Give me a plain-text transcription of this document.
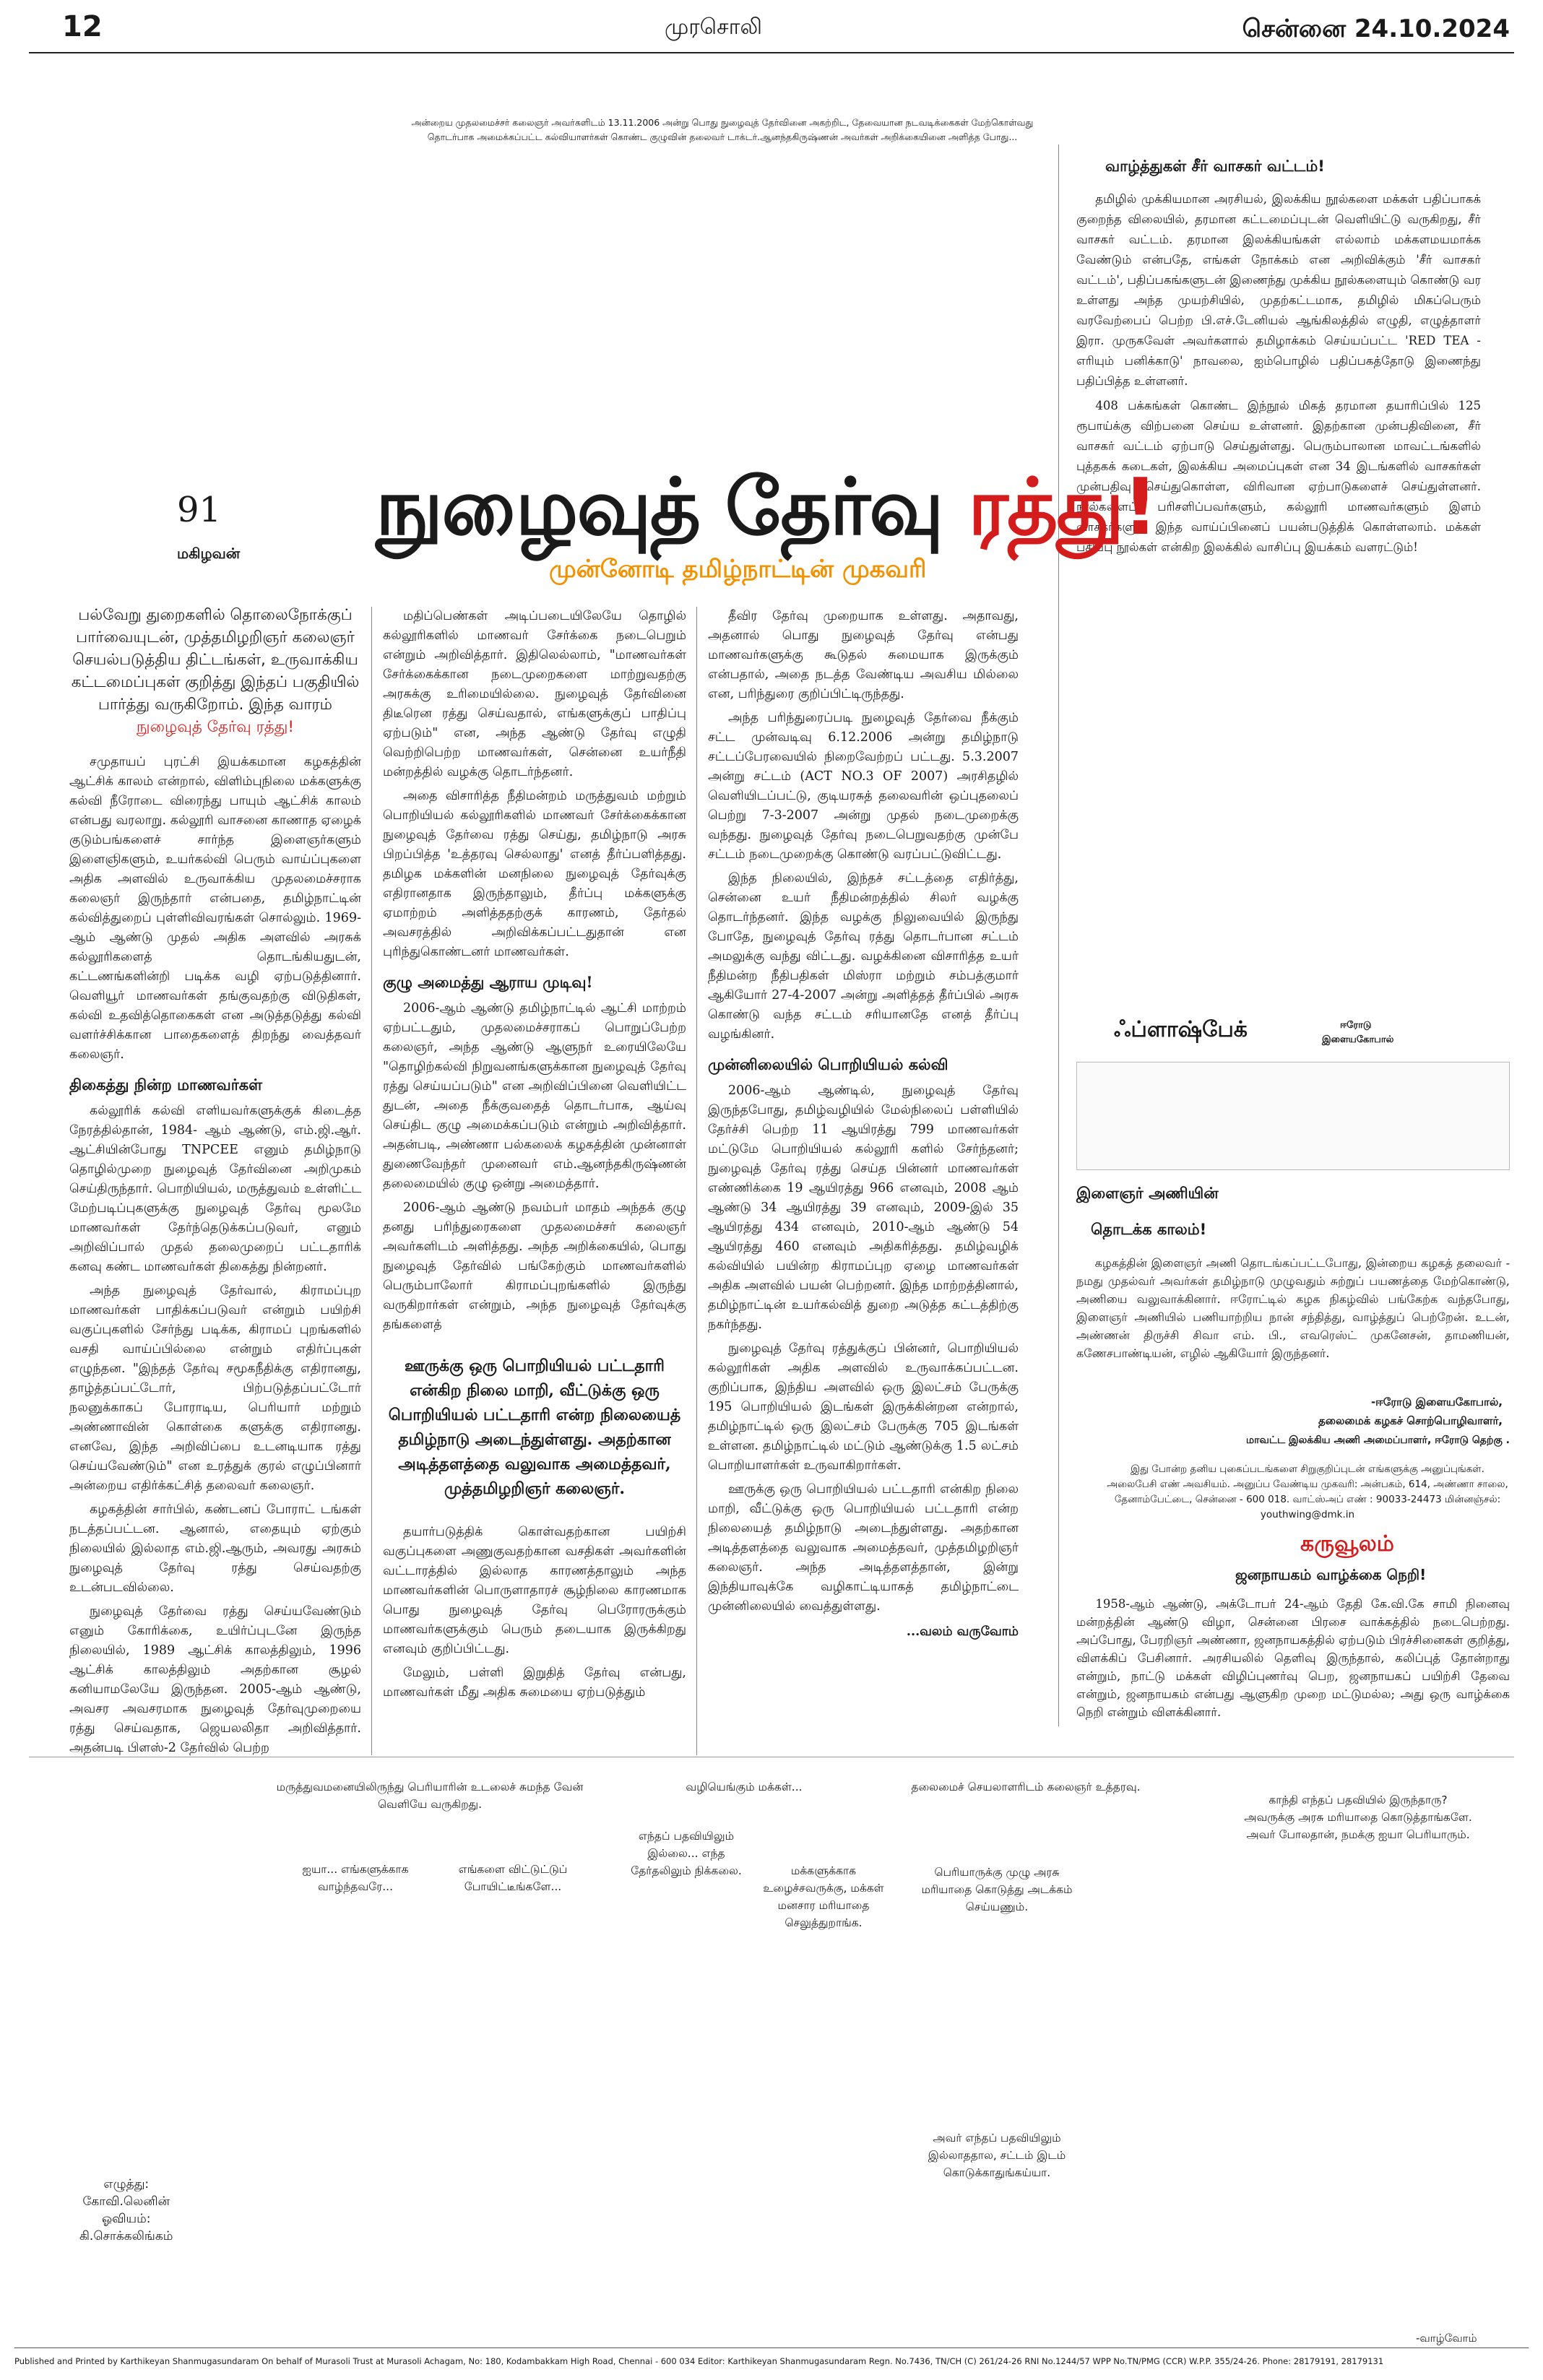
12	முரசொலி	சென்னை 24.10.2024
அன்றைய முதலமைச்சர் கலைஞர் அவர்களிடம் 13.11.2006 அன்று பொது நுழைவுத் தேர்வினை அகற்றிட, தேவையான நடவடிக்கைகள் மேற்கொள்வது தொடர்பாக அமைக்கப்பட்ட கல்வியாளர்கள் கொண்ட குழுவின் தலைவர் டாக்டர்.ஆனந்தகிருஷ்ணன் அவர்கள் அறிக்கையினை அளித்த போது...
வாழ்த்துகள் சீர் வாசகர் வட்டம்!

தமிழில் முக்கியமான அரசியல், இலக்கிய நூல்களை மக்கள் பதிப்பாகக் குறைந்த விலையில், தரமான கட்டமைப்புடன் வெளியிட்டு வருகிறது, சீர் வாசகர் வட்டம். தரமான இலக்கியங்கள் எல்லாம் மக்களமயமாக்க வேண்டும் என்பதே, எங்கள் நோக்கம் என அறிவிக்கும் 'சீர் வாசகர் வட்டம்', பதிப்பகங்களுடன் இணைந்து முக்கிய நூல்களையும் கொண்டு வர உள்ளது அந்த முயற்சியில், முதற்கட்டமாக, தமிழில் மிகப்பெரும் வரவேற்பைப் பெற்ற பி.எச்.டேனியல் ஆங்கிலத்தில் எழுதி, எழுத்தாளர் இரா. முருகவேள் அவர்களால் தமிழாக்கம் செய்யப்பட்ட 'RED TEA - எரியும் பனிக்காடு' நாவலை, ஐம்பொழில் பதிப்பகத்தோடு இணைந்து பதிப்பித்த உள்ளனர்.

408 பக்கங்கள் கொண்ட இந்நூல் மிகத் தரமான தயாரிப்பில் 125 ரூபாய்க்கு விற்பனை செய்ய உள்ளனர். இதற்கான முன்பதிவினை, சீர் வாசகர் வட்டம் ஏற்பாடு செய்துள்ளது. பெரும்பாலான மாவட்டங்களில் புத்தகக் கடைகள், இலக்கிய அமைப்புகள் என 34 இடங்களில் வாசகர்கள் முன்பதிவு செய்துகொள்ள, விரிவான ஏற்பாடுகளைச் செய்துள்ளனர். நூல்களைப் பரிசளிப்பவர்களும், கல்லூரி மாணவர்களும் இளம் வாசகர்களும் இந்த வாய்ப்பினைப் பயன்படுத்திக் கொள்ளலாம். மக்கள் பதிப்பு நூல்கள் என்கிற இலக்கில் வாசிப்பு இயக்கம் வளரட்டும்!

91
மகிழவன்
நுழைவுத் தேர்வு ரத்து!
முன்னோடி தமிழ்நாட்டின் முகவரி
பல்வேறு துறைகளில் தொலைநோக்குப் பார்வையுடன், முத்தமிழறிஞர் கலைஞர் செயல்படுத்திய திட்டங்கள், உருவாக்கிய கட்டமைப்புகள் குறித்து இந்தப் பகுதியில் பார்த்து வருகிறோம். இந்த வாரம்
நுழைவுத் தேர்வு ரத்து!

சமுதாயப் புரட்சி இயக்கமான கழகத்தின் ஆட்சிக் காலம் என்றால், விளிம்புநிலை மக்களுக்கு கல்வி நீரோடை விரைந்து பாயும் ஆட்சிக் காலம் என்பது வரலாறு. கல்லூரி வாசனை காணாத ஏழைக் குடும்பங்களைச் சார்ந்த இளைஞர்களும் இளைஞிகளும், உயர்கல்வி பெரும் வாய்ப்புகளை அதிக அளவில் உருவாக்கிய முதலமைச்சராக கலைஞர் இருந்தார் என்பதை, தமிழ்நாட்டின் கல்வித்துறைப் புள்ளிவிவரங்கள் சொல்லும். 1969-ஆம் ஆண்டு முதல் அதிக அளவில் அரசுக் கல்லூரிகளைத் தொடங்கியதுடன், கட்டணங்களின்றி படிக்க வழி ஏற்படுத்தினார். வெளியூர் மாணவர்கள் தங்குவதற்கு விடுதிகள், கல்வி உதவித்தொகைகள் என அடுத்தடுத்து கல்வி வளர்ச்சிக்கான பாதைகளைத் திறந்து வைத்தவர் கலைஞர்.

திகைத்து நின்ற மாணவர்கள்

கல்லூரிக் கல்வி எளியவர்களுக்குக் கிடைத்த நேரத்தில்தான், 1984- ஆம் ஆண்டு, எம்.ஜி.ஆர். ஆட்சியின்போது TNPCEE எனும் தமிழ்நாடு தொழில்முறை நுழைவுத் தேர்வினை அறிமுகம் செய்திருந்தார். பொறியியல், மருத்துவம் உள்ளிட்ட மேற்படிப்புகளுக்கு நுழைவுத் தேர்வு மூலமே மாணவர்கள் தேர்ந்தெடுக்கப்படுவர், எனும் அறிவிப்பால் முதல் தலைமுறைப் பட்டதாரிக் கனவு கண்ட மாணவர்கள் திகைத்து நின்றனர்.

அந்த நுழைவுத் தேர்வால், கிராமப்புற மாணவர்கள் பாதிக்கப்படுவர் என்றும் பயிற்சி வகுப்புகளில் சேர்ந்து படிக்க, கிராமப் புறங்களில் வசதி வாய்ப்பில்லை என்றும் எதிர்ப்புகள் எழுந்தன. "இந்தத் தேர்வு சமூகநீதிக்கு எதிரானது, தாழ்த்தப்பட்டோர், பிற்படுத்தப்பட்டோர் நலனுக்காகப் போராடிய, பெரியார் மற்றும் அண்ணாவின் கொள்கை களுக்கு எதிரானது. எனவே, இந்த அறிவிப்பை உடனடியாக ரத்து செய்யவேண்டும்" என உரத்துக் குரல் எழுப்பினார் அன்றைய எதிர்க்கட்சித் தலைவர் கலைஞர்.

கழகத்தின் சார்பில், கண்டனப் போராட் டங்கள் நடத்தப்பட்டன. ஆனால், எதையும் ஏற்கும் நிலையில் இல்லாத எம்.ஜி.ஆரும், அவரது அரசும் நுழைவுத் தேர்வு ரத்து செய்வதற்கு உடன்படவில்லை.

நுழைவுத் தேர்வை ரத்து செய்யவேண்டும் எனும் கோரிக்கை, உயிர்ப்புடனே இருந்த நிலையில், 1989 ஆட்சிக் காலத்திலும், 1996 ஆட்சிக் காலத்திலும் அதற்கான சூழல் கனியாமலேயே இருந்தன. 2005-ஆம் ஆண்டு, அவசர அவசரமாக நுழைவுத் தேர்வுமுறையை ரத்து செய்வதாக, ஜெயலலிதா அறிவித்தார். அதன்படி பிளஸ்-2 தேர்வில் பெற்ற

மதிப்பெண்கள் அடிப்படையிலேயே தொழில் கல்லூரிகளில் மாணவர் சேர்க்கை நடைபெறும் என்றும் அறிவித்தார். இதிலெல்லாம், "மாணவர்கள் சேர்க்கைக்கான நடைமுறைகளை மாற்றுவதற்கு அரசுக்கு உரிமையில்லை. நுழைவுத் தேர்வினை திடீரென ரத்து செய்வதால், எங்களுக்குப் பாதிப்பு ஏற்படும்" என, அந்த ஆண்டு தேர்வு எழுதி வெற்றிபெற்ற மாணவர்கள், சென்னை உயர்நீதி மன்றத்தில் வழக்கு தொடர்ந்தனர்.

அதை விசாரித்த நீதிமன்றம் மருத்துவம் மற்றும் பொறியியல் கல்லூரிகளில் மாணவர் சேர்க்கைக்கான நுழைவுத் தேர்வை ரத்து செய்து, தமிழ்நாடு அரசு பிறப்பித்த 'உத்தரவு செல்லாது' எனத் தீர்ப்பளித்தது. தமிழக மக்களின் மனநிலை நுழைவுத் தேர்வுக்கு எதிரானதாக இருந்தாலும், தீர்ப்பு மக்களுக்கு ஏமாற்றம் அளித்ததற்குக் காரணம், தேர்தல் அவசரத்தில் அறிவிக்கப்பட்டதுதான் என புரிந்துகொண்டனர் மாணவர்கள்.

குழு அமைத்து ஆராய முடிவு!

2006-ஆம் ஆண்டு தமிழ்நாட்டில் ஆட்சி மாற்றம் ஏற்பட்டதும், முதலமைச்சராகப் பொறுப்பேற்ற கலைஞர், அந்த ஆண்டு ஆளுநர் உரையிலேயே "தொழிற்கல்வி நிறுவனங்களுக்கான நுழைவுத் தேர்வு ரத்து செய்யப்படும்" என அறிவிப்பினை வெளியிட்ட துடன், அதை நீக்குவதைத் தொடர்பாக, ஆய்வு செய்திட குழு அமைக்கப்படும் என்றும் அறிவித்தார். அதன்படி, அண்ணா பல்கலைக் கழகத்தின் முன்னாள் துணைவேந்தர் முனைவர் எம்.ஆனந்தகிருஷ்ணன் தலைமையில் குழு ஒன்று அமைத்தார்.

2006-ஆம் ஆண்டு நவம்பர் மாதம் அந்தக் குழு தனது பரிந்துரைகளை முதலமைச்சர் கலைஞர் அவர்களிடம் அளித்தது. அந்த அறிக்கையில், பொது நுழைவுத் தேர்வில் பங்கேற்கும் மாணவர்களில் பெரும்பாலோர் கிராமப்புறங்களில் இருந்து வருகிறார்கள் என்றும், அந்த நுழைவுத் தேர்வுக்கு தங்களைத்

ஊருக்கு ஒரு பொறியியல் பட்டதாரி என்கிற நிலை மாறி, வீட்டுக்கு ஒரு பொறியியல் பட்டதாரி என்ற நிலையைத் தமிழ்நாடு அடைந்துள்ளது. அதற்கான அடித்தளத்தை வலுவாக அமைத்தவர், முத்தமிழறிஞர் கலைஞர்.

தயார்படுத்திக் கொள்வதற்கான பயிற்சி வகுப்புகளை அணுகுவதற்கான வசதிகள் அவர்களின் வட்டாரத்தில் இல்லாத காரணத்தாலும் அந்த மாணவர்களின் பொருளாதாரச் சூழ்நிலை காரணமாக பொது நுழைவுத் தேர்வு பெரோரருக்கும் மாணவர்களுக்கும் பெரும் தடையாக இருக்கிறது எனவும் குறிப்பிட்டது.

மேலும், பள்ளி இறுதித் தேர்வு என்பது, மாணவர்கள் மீது அதிக சுமையை ஏற்படுத்தும்

தீவிர தேர்வு முறையாக உள்ளது. அதாவது, அதனால் பொது நுழைவுத் தேர்வு என்பது மாணவர்களுக்கு கூடுதல் சுமையாக இருக்கும் என்பதால், அதை நடத்த வேண்டிய அவசிய மில்லை என, பரிந்துரை குறிப்பிட்டிருந்தது.

அந்த பரிந்துரைப்படி நுழைவுத் தேர்வை நீக்கும் சட்ட முன்வடிவு 6.12.2006 அன்று தமிழ்நாடு சட்டப்பேரவையில் நிறைவேற்றப் பட்டது. 5.3.2007 அன்று சட்டம் (ACT NO.3 OF 2007) அரசிதழில் வெளியிடப்பட்டு, குடியரசுத் தலைவரின் ஒப்புதலைப் பெற்று 7-3-2007 அன்று முதல் நடைமுறைக்கு வந்தது. நுழைவுத் தேர்வு நடைபெறுவதற்கு முன்பே சட்டம் நடைமுறைக்கு கொண்டு வரப்பட்டுவிட்டது.

இந்த நிலையில், இந்தச் சட்டத்தை எதிர்த்து, சென்னை உயர் நீதிமன்றத்தில் சிலர் வழக்கு தொடர்ந்தனர். இந்த வழக்கு நிலுவையில் இருந்து போதே, நுழைவுத் தேர்வு ரத்து தொடர்பான சட்டம் அமலுக்கு வந்து விட்டது. வழக்கினை விசாரித்த உயர் நீதிமன்ற நீதிபதிகள் மிஸ்ரா மற்றும் சம்பத்குமார் ஆகியோர் 27-4-2007 அன்று அளித்தத் தீர்ப்பில் அரசு கொண்டு வந்த சட்டம் சரியானதே எனத் தீர்ப்பு வழங்கினர்.

முன்னிலையில் பொறியியல் கல்வி

2006-ஆம் ஆண்டில், நுழைவுத் தேர்வு இருந்தபோது, தமிழ்வழியில் மேல்நிலைப் பள்ளியில் தேர்ச்சி பெற்ற 11 ஆயிரத்து 799 மாணவர்கள் மட்டுமே பொறியியல் கல்லூரி களில் சேர்ந்தனர்; நுழைவுத் தேர்வு ரத்து செய்த பின்னர் மாணவர்கள் எண்ணிக்கை 19 ஆயிரத்து 966 எனவும், 2008 ஆம் ஆண்டு 34 ஆயிரத்து 39 எனவும், 2009-இல் 35 ஆயிரத்து 434 எனவும், 2010-ஆம் ஆண்டு 54 ஆயிரத்து 460 எனவும் அதிகரித்தது. தமிழ்வழிக் கல்வியில் பயின்ற கிராமப்புற ஏழை மாணவர்கள் அதிக அளவில் பயன் பெற்றனர். இந்த மாற்றத்தினால், தமிழ்நாட்டின் உயர்கல்வித் துறை அடுத்த கட்டத்திற்கு நகர்ந்தது.

நுழைவுத் தேர்வு ரத்துக்குப் பின்னர், பொறியியல் கல்லூரிகள் அதிக அளவில் உருவாக்கப்பட்டன. குறிப்பாக, இந்திய அளவில் ஒரு இலட்சம் பேருக்கு 195 பொறியியல் இடங்கள் இருக்கின்றன என்றால், தமிழ்நாட்டில் ஒரு இலட்சம் பேருக்கு 705 இடங்கள் உள்ளன. தமிழ்நாட்டில் மட்டும் ஆண்டுக்கு 1.5 லட்சம் பொறியாளர்கள் உருவாகிறார்கள்.

ஊருக்கு ஒரு பொறியியல் பட்டதாரி என்கிற நிலை மாறி, வீட்டுக்கு ஒரு பொறியியல் பட்டதாரி என்ற நிலையைத் தமிழ்நாடு அடைந்துள்ளது. அதற்கான அடித்தளத்தை வலுவாக அமைத்தவர், முத்தமிழறிஞர் கலைஞர். அந்த அடித்தளத்தான், இன்று இந்தியாவுக்கே வழிகாட்டியாகத் தமிழ்நாட்டை முன்னிலையில் வைத்துள்ளது.

...வலம் வருவோம்
ஃப்ளாஷ்பேக்	ஈரோடு
இளையகோபால்
இளைஞர் அணியின்
தொடக்க காலம்!

கழகத்தின் இளைஞர் அணி தொடங்கப்பட்டபோது, இன்றைய கழகத் தலைவர் - நமது முதல்வர் அவர்கள் தமிழ்நாடு முழுவதும் சுற்றுப் பயணத்தை மேற்கொண்டு, அணியை வலுவாக்கினார். ஈரோட்டில் கழக நிகழ்வில் பங்கேற்க வந்தபோது, இளைஞர் அணியில் பணியாற்றிய நான் சந்தித்து, வாழ்த்துப் பெற்றேன். உடன், அண்ணன் திருச்சி சிவா எம். பி., எவரெஸ்ட் முகனேசன், தாமணியன், கணேசபாண்டியன், எழில் ஆகியோர் இருந்தனர்.

-ஈரோடு இளையகோபால்,
தலைமைக் கழகச் சொற்பொழிவாளர்,
மாவட்ட இலக்கிய அணி அமைப்பாளர், ஈரோடு தெற்கு .
இது போன்ற தனிய புகைப்படங்களை சிறுகுறிப்புடன் எங்களுக்கு அனுப்புங்கள். அலைபேசி எண் அவசியம். அனுப்ப வேண்டிய முகவரி: அன்பகம், 614, அண்ணா சாலை, தேனாம்பேட்டை, சென்னை - 600 018. வாட்ஸ்அப் எண் : 90033-24473 மின்னஞ்சல்: youthwing@dmk.in
கருவூலம்
ஜனநாயகம் வாழ்க்கை நெறி!

1958-ஆம் ஆண்டு, அக்டோபர் 24-ஆம் தேதி கே.வி.கே சாமி நினைவு மன்றத்தின் ஆண்டு விழா, சென்னை பிரசை வாக்கத்தில் நடைபெற்றது. அப்போது, பேரறிஞர் அண்ணா, ஜனநாயகத்தில் ஏற்படும் பிரச்சினைகள் குறித்து, விளக்கிப் பேசினார். அரசியலில் தெளிவு இருந்தால், கலிப்புத் தோன்றாது என்றும், நாட்டு மக்கள் விழிப்புணர்வு பெற, ஜனநாயகப் பயிற்சி தேவை என்றும், ஜனநாயகம் என்பது ஆளுகிற முறை மட்டுமல்ல; அது ஒரு வாழ்க்கை நெறி என்றும் விளக்கினார்.

மருத்துவமனையிலிருந்து பெரியாரின் உடலைச் சுமந்த வேன் வெளியே வருகிறது.
வழியெங்கும் மக்கள்...	தலைமைச் செயலாளரிடம் கலைஞர் உத்தரவு.
காந்தி எந்தப் பதவியில் இருந்தாரு? அவருக்கு அரசு மரியாதை கொடுத்தாங்களே. அவர் போலதான், நமக்கு ஐயா பெரியாரும்.
ஐயா... எங்களுக்காக வாழ்ந்தவரே...
எங்களை விட்டுட்டுப் போயிட்டீங்களே...
எந்தப் பதவியிலும் இல்லை... எந்த தேர்தலிலும் நிக்கலை.	மக்களுக்காக உழைச்சவருக்கு, மக்கள் மனசார மரியாதை செலுத்துறாங்க.
பெரியாருக்கு முழு அரசு மரியாதை கொடுத்து அடக்கம் செய்யணும்.
அவர் எந்தப் பதவியிலும் இல்லாததால, சட்டம் இடம் கொடுக்காதுங்கய்யா.
எழுத்து:
கோவி.லெனின்
ஓவியம்:
கி.சொக்கலிங்கம்
-வாழ்வோம்
Published and Printed by Karthikeyan Shanmugasundaram On behalf of Murasoli Trust at Murasoli Achagam, No: 180, Kodambakkam High Road, Chennai - 600 034 Editor: Karthikeyan Shanmugasundaram Regn. No.7436, TN/CH (C) 261/24-26 RNI No.1244/57 WPP No.TN/PMG (CCR) W.P.P. 355/24-26. Phone: 28179191, 28179131
